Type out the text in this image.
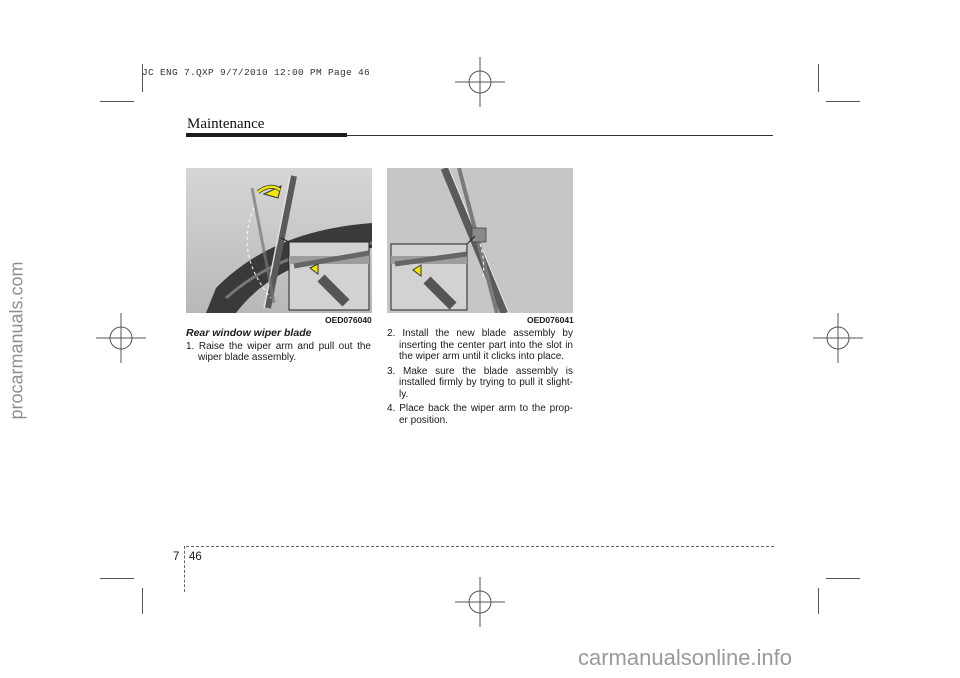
JC ENG 7.QXP 9/7/2010 12:00 PM Page 46
procarmanuals.com
carmanualsonline.info
Maintenance
OED076040	OED076041
Rear window wiper blade

1. Raise the wiper arm and pull out the wiper blade assembly.

2. Install the new blade assembly by inserting the center part into the slot in the wiper arm until it clicks into place.

3. Make sure the blade assembly is installed firmly by trying to pull it slight-ly.

4. Place back the wiper arm to the prop-er position.

7 46
